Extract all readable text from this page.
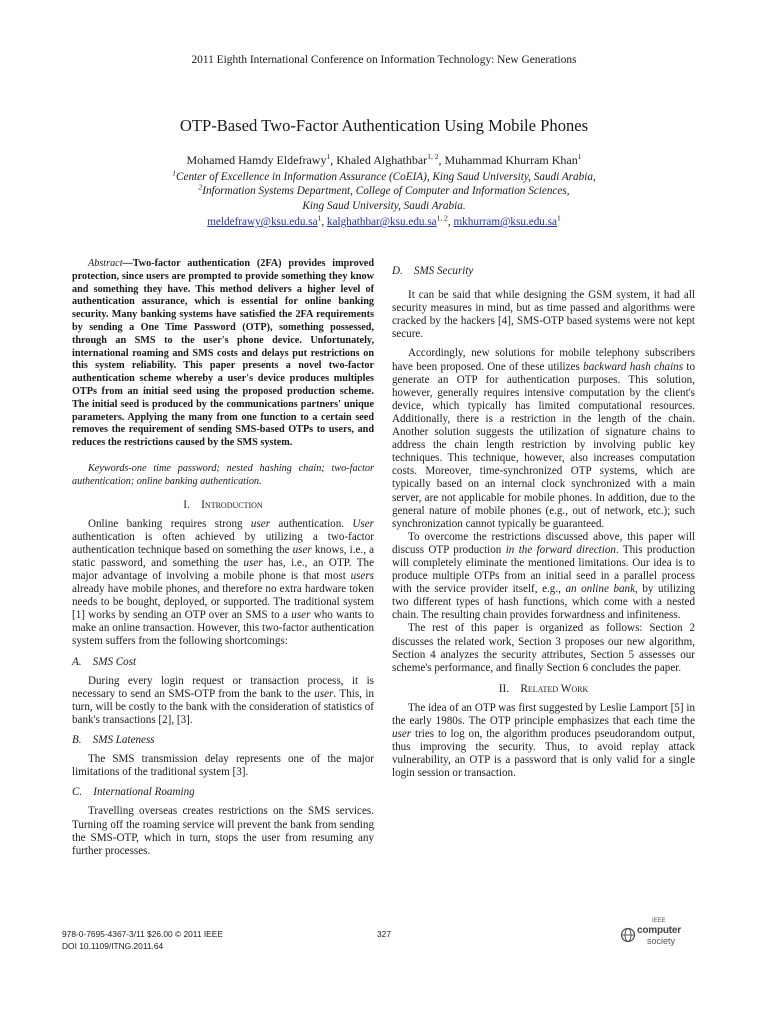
2011 Eighth International Conference on Information Technology: New Generations
OTP-Based Two-Factor Authentication Using Mobile Phones
Mohamed Hamdy Eldefrawy$^1$, Khaled Alghathbar$^{1, 2}$, Muhammad Khurram Khan$^1$
$^1$Center of Excellence in Information Assurance (CoEIA), King Saud University, Saudi Arabia,
$^2$Information Systems Department, College of Computer and Information Sciences,
King Saud University, Saudi Arabia.
$meldefrawy@ksu.edu.sa^1$, kalghathbar@ksu.edu.sa$^{1, 2}$, $mkhurram@ksu.edu.sa^1$

Abstract—Two-factor authentication (2FA) provides improved protection, since users are prompted to provide something they know and something they have. This method delivers a higher level of authentication assurance, which is essential for online banking security. Many banking systems have satisfied the 2FA requirements by sending a One Time Password (OTP), something possessed, through an SMS to the user's phone device. Unfortunately, international roaming and SMS costs and delays put restrictions on this system reliability. This paper presents a novel two-factor authentication scheme whereby a user's device produces multiples OTPs from an initial seed using the proposed production scheme. The initial seed is produced by the communications partners' unique parameters. Applying the many from one function to a certain seed removes the requirement of sending SMS-based OTPs to users, and reduces the restrictions caused by the SMS system.

Keywords-one time password; nested hashing chain; two-factor authentication; online banking authentication.

I. Introduction

Online banking requires strong user authentication. User authentication is often achieved by utilizing a two-factor authentication technique based on something the user knows, i.e., a static password, and something the user has, i.e., an OTP. The major advantage of involving a mobile phone is that most users already have mobile phones, and therefore no extra hardware token needs to be bought, deployed, or supported. The traditional system [1] works by sending an OTP over an SMS to a user who wants to make an online transaction. However, this two-factor authentication system suffers from the following shortcomings:

A. SMS Cost

During every login request or transaction process, it is necessary to send an SMS-OTP from the bank to the user. This, in turn, will be costly to the bank with the consideration of statistics of bank's transactions [2], [3].

B. SMS Lateness

The SMS transmission delay represents one of the major limitations of the traditional system [3].

C. International Roaming

Travelling overseas creates restrictions on the SMS services. Turning off the roaming service will prevent the bank from sending the SMS-OTP, which in turn, stops the user from resuming any further processes.

D. SMS Security

It can be said that while designing the GSM system, it had all security measures in mind, but as time passed and algorithms were cracked by the hackers [4], SMS-OTP based systems were not kept secure.

Accordingly, new solutions for mobile telephony subscribers have been proposed. One of these utilizes backward hash chains to generate an OTP for authentication purposes. This solution, however, generally requires intensive computation by the client's device, which typically has limited computational resources. Additionally, there is a restriction in the length of the chain. Another solution suggests the utilization of signature chains to address the chain length restriction by involving public key techniques. This technique, however, also increases computation costs. Moreover, time-synchronized OTP systems, which are typically based on an internal clock synchronized with a main server, are not applicable for mobile phones. In addition, due to the general nature of mobile phones (e.g., out of network, etc.); such synchronization cannot typically be guaranteed.

To overcome the restrictions discussed above, this paper will discuss OTP production in the forward direction. This production will completely eliminate the mentioned limitations. Our idea is to produce multiple OTPs from an initial seed in a parallel process with the service provider itself, e.g., an online bank, by utilizing two different types of hash functions, which come with a nested chain. The resulting chain provides forwardness and infiniteness.

The rest of this paper is organized as follows: Section 2 discusses the related work, Section 3 proposes our new algorithm, Section 4 analyzes the security attributes, Section 5 assesses our scheme's performance, and finally Section 6 concludes the paper.

II. Related Work

The idea of an OTP was first suggested by Leslie Lamport [5] in the early 1980s. The OTP principle emphasizes that each time the user tries to log on, the algorithm produces pseudorandom output, thus improving the security. Thus, to avoid replay attack vulnerability, an OTP is a password that is only valid for a single login session or transaction.

978-0-7695-4367-3/11 $26.00 © 2011 IEEE
DOI 10.1109/ITNG.2011.64
327
IEEE
computer
society
